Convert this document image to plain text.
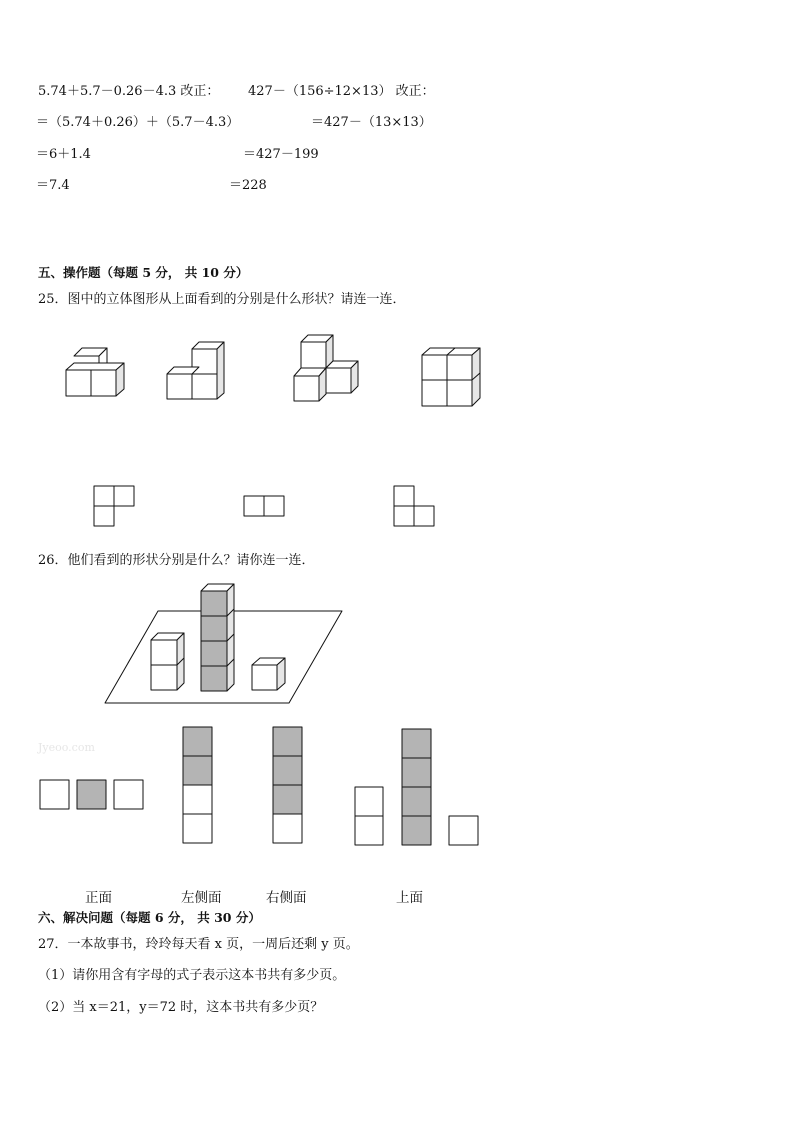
5.74＋5.7－0.26－4.3 改正： 427－（156÷12×13） 改正：
＝（5.74＋0.26）＋（5.7－4.3）	＝427－（13×13）
＝6＋1.4	＝427－199
＝7.4	＝228
五、操作题（每题 5 分， 共 10 分）
25．图中的立体图形从上面看到的分别是什么形状？请连一连．
26．他们看到的形状分别是什么？请你连一连．
Jyeoo.com
正面	左侧面	右侧面	上面
六、解决问题（每题 6 分， 共 30 分）
27．一本故事书，玲玲每天看 x 页，一周后还剩 y 页。
（1）请你用含有字母的式子表示这本书共有多少页。
（2）当 x＝21，y＝72 时，这本书共有多少页？
